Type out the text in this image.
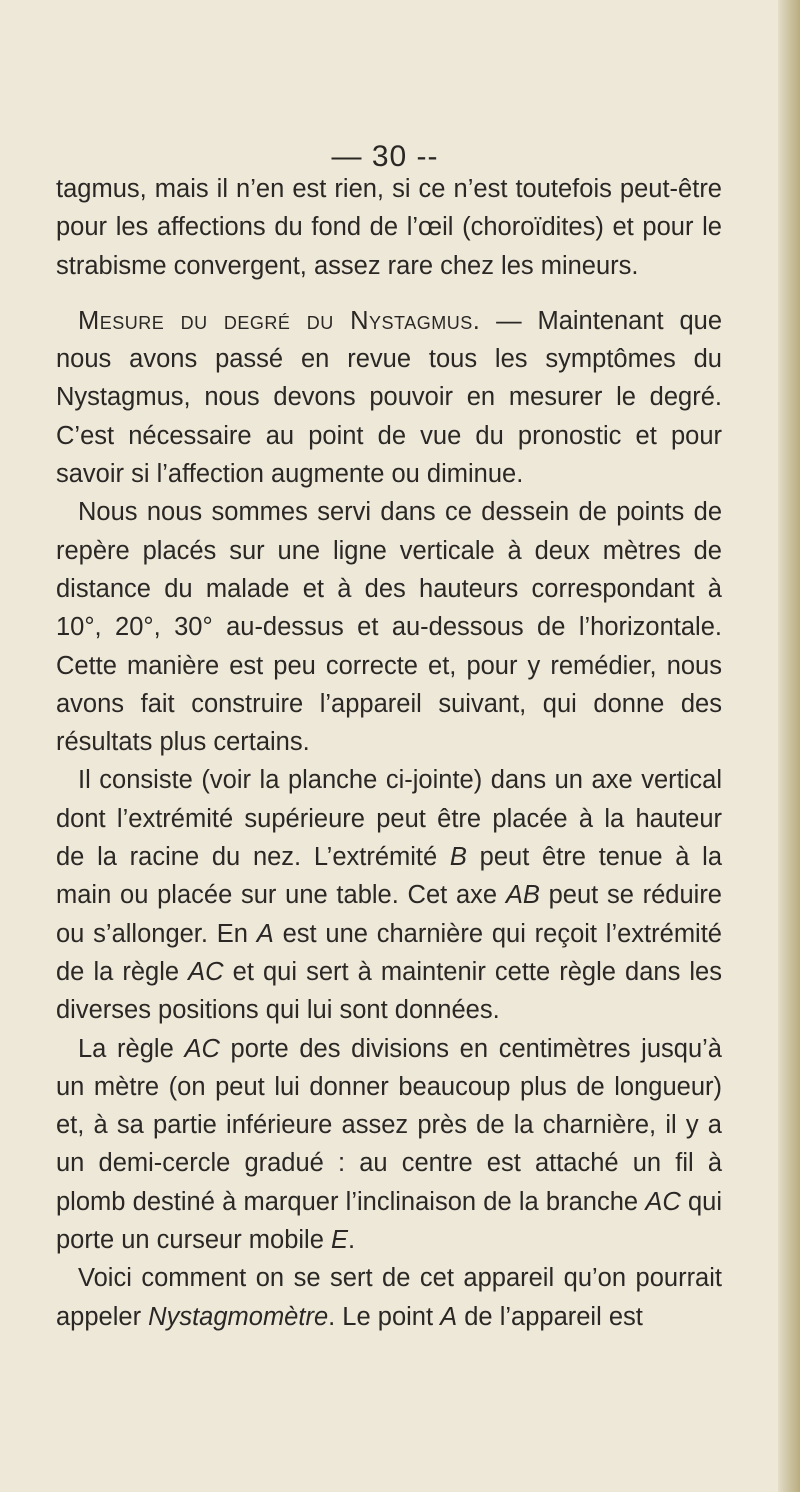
— 30 --

tagmus, mais il n’en est rien, si ce n’est toutefois peut-être pour les affections du fond de l’œil (choroïdites) et pour le strabisme convergent, assez rare chez les mineurs.

Mesure du degré du Nystagmus. — Maintenant que nous avons passé en revue tous les symptômes du Nystagmus, nous devons pouvoir en mesurer le degré. C’est nécessaire au point de vue du pronostic et pour savoir si l’affection augmente ou diminue.

Nous nous sommes servi dans ce dessein de points de repère placés sur une ligne verticale à deux mètres de distance du malade et à des hauteurs correspondant à 10°, 20°, 30° au-dessus et au-dessous de l’horizontale. Cette manière est peu correcte et, pour y remédier, nous avons fait construire l’appareil suivant, qui donne des résultats plus certains.

Il consiste (voir la planche ci-jointe) dans un axe vertical dont l’extrémité supérieure peut être placée à la hauteur de la racine du nez. L’extrémité B peut être tenue à la main ou placée sur une table. Cet axe AB peut se réduire ou s’allonger. En A est une charnière qui reçoit l’extrémité de la règle AC et qui sert à maintenir cette règle dans les diverses positions qui lui sont données.

La règle AC porte des divisions en centimètres jusqu’à un mètre (on peut lui donner beaucoup plus de longueur) et, à sa partie inférieure assez près de la charnière, il y a un demi-cercle gradué : au centre est attaché un fil à plomb destiné à marquer l’inclinaison de la branche AC qui porte un curseur mobile E.

Voici comment on se sert de cet appareil qu’on pourrait appeler Nystagmomètre. Le point A de l’appareil est
